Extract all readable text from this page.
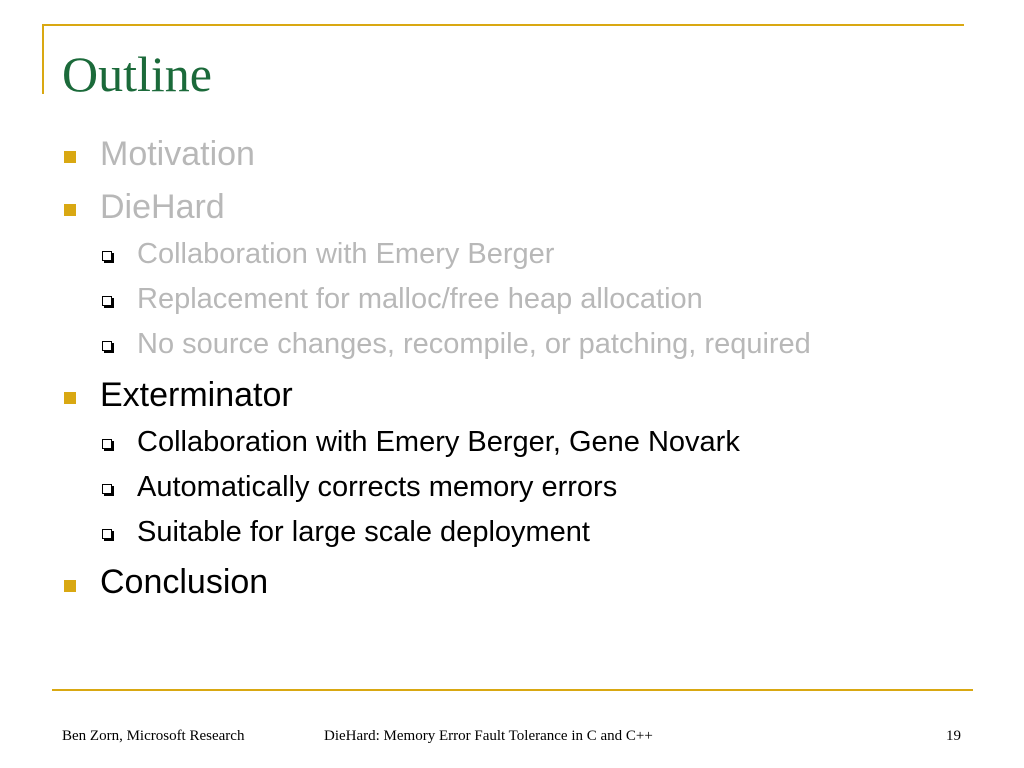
Outline
Motivation
DieHard
Collaboration with Emery Berger
Replacement for malloc/free heap allocation
No source changes, recompile, or patching, required
Exterminator
Collaboration with Emery Berger, Gene Novark
Automatically corrects memory errors
Suitable for large scale deployment
Conclusion
Ben Zorn, Microsoft Research	DieHard: Memory Error Fault Tolerance in C and C++	19
